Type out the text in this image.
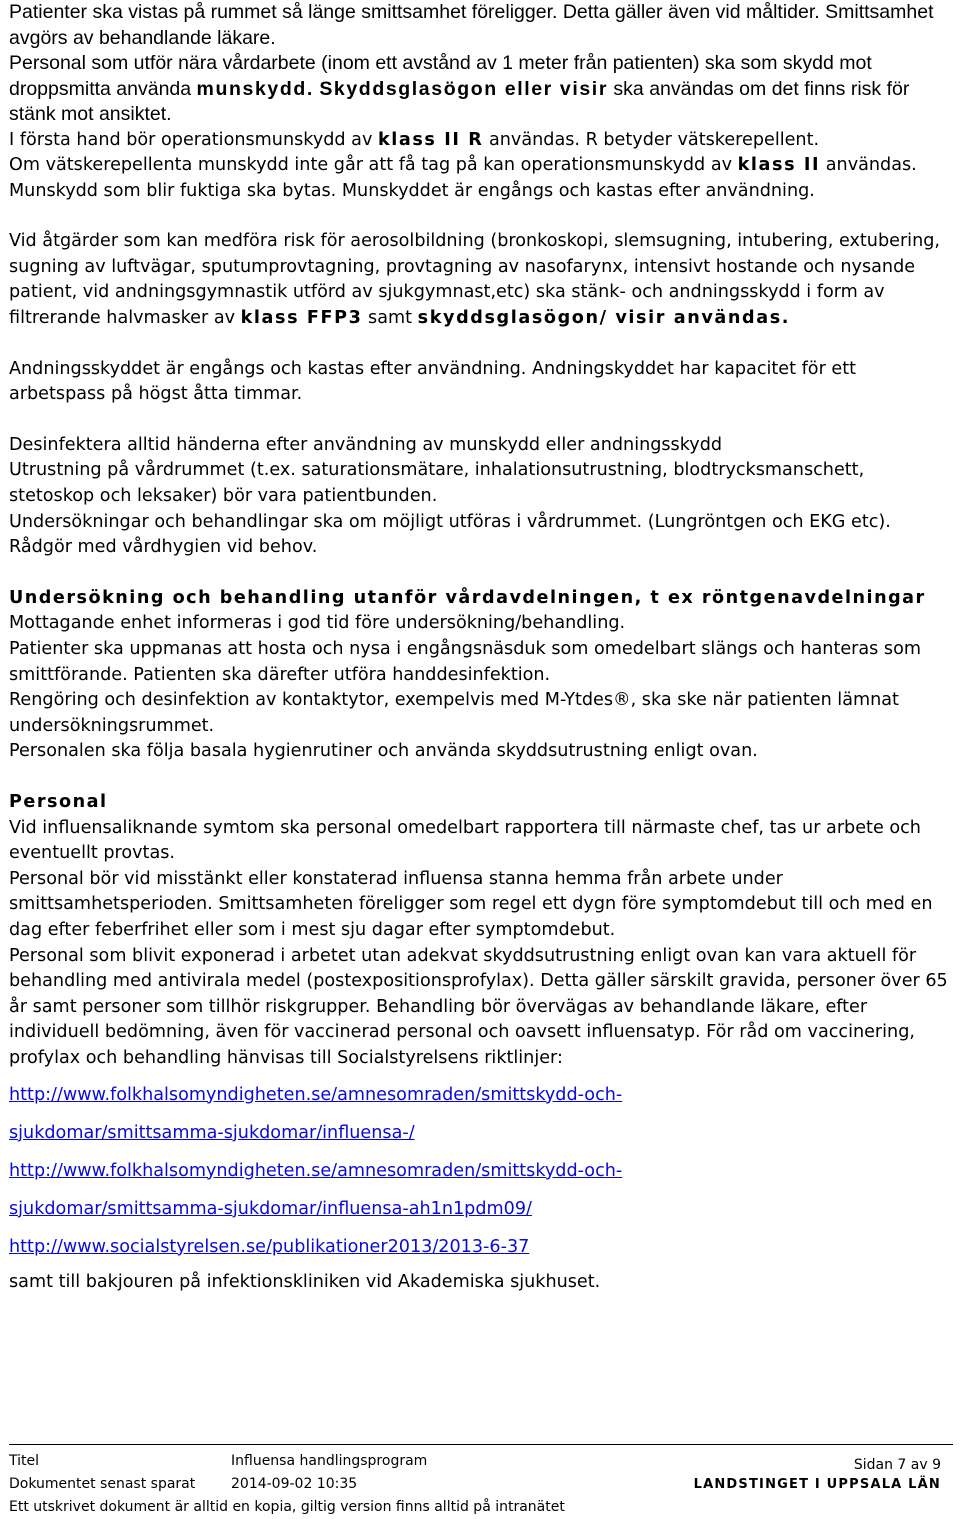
Patienter ska vistas på rummet så länge smittsamhet föreligger. Detta gäller även vid måltider. Smittsamhet avgörs av behandlande läkare.

Personal som utför nära vårdarbete (inom ett avstånd av 1 meter från patienten) ska som skydd mot droppsmitta använda munskydd. Skyddsglasögon eller visir ska användas om det finns risk för stänk mot ansiktet.

I första hand bör operationsmunskydd av klass II R användas. R betyder vätskerepellent.

Om vätskerepellenta munskydd inte går att få tag på kan operationsmunskydd av klass II användas.

Munskydd som blir fuktiga ska bytas. Munskyddet är engångs och kastas efter användning.

Vid åtgärder som kan medföra risk för aerosolbildning (bronkoskopi, slemsugning, intubering, extubering, sugning av luftvägar, sputumprovtagning, provtagning av nasofarynx, intensivt hostande och nysande patient, vid andningsgymnastik utförd av sjukgymnast,etc) ska stänk- och andningsskydd i form av filtrerande halvmasker av klass FFP3 samt skyddsglasögon/ visir användas.

Andningsskyddet är engångs och kastas efter användning. Andningskyddet har kapacitet för ett arbetspass på högst åtta timmar.

Desinfektera alltid händerna efter användning av munskydd eller andningsskydd

Utrustning på vårdrummet (t.ex. saturationsmätare, inhalationsutrustning, blodtrycksmanschett, stetoskop och leksaker) bör vara patientbunden.

Undersökningar och behandlingar ska om möjligt utföras i vårdrummet. (Lungröntgen och EKG etc).

Rådgör med vårdhygien vid behov.

Undersökning och behandling utanför vårdavdelningen, t ex röntgenavdelningar

Mottagande enhet informeras i god tid före undersökning/behandling.

Patienter ska uppmanas att hosta och nysa i engångsnäsduk som omedelbart slängs och hanteras som smittförande. Patienten ska därefter utföra handdesinfektion.

Rengöring och desinfektion av kontaktytor, exempelvis med M-Ytdes®, ska ske när patienten lämnat undersökningsrummet.

Personalen ska följa basala hygienrutiner och använda skyddsutrustning enligt ovan.

Personal

Vid influensaliknande symtom ska personal omedelbart rapportera till närmaste chef, tas ur arbete och eventuellt provtas.

Personal bör vid misstänkt eller konstaterad influensa stanna hemma från arbete under smittsamhetsperioden. Smittsamheten föreligger som regel ett dygn före symptomdebut till och med en dag efter feberfrihet eller som i mest sju dagar efter symptomdebut.

Personal som blivit exponerad i arbetet utan adekvat skyddsutrustning enligt ovan kan vara aktuell för behandling med antivirala medel (postexpositionsprofylax). Detta gäller särskilt gravida, personer över 65 år samt personer som tillhör riskgrupper. Behandling bör övervägas av behandlande läkare, efter individuell bedömning, även för vaccinerad personal och oavsett influensatyp. För råd om vaccinering, profylax och behandling hänvisas till Socialstyrelsens riktlinjer:

http://www.folkhalsomyndigheten.se/amnesomraden/smittskydd-och-
sjukdomar/smittsamma-sjukdomar/influensa-/
http://www.folkhalsomyndigheten.se/amnesomraden/smittskydd-och-
sjukdomar/smittsamma-sjukdomar/influensa-ah1n1pdm09/
http://www.socialstyrelsen.se/publikationer2013/2013-6-37

samt till bakjouren på infektionskliniken vid Akademiska sjukhuset.

Titel	Influensa handlingsprogram
Dokumentet senast sparat	2014-09-02 10:35
Sidan 7 av 9
LANDSTINGET I UPPSALA LÄN
Ett utskrivet dokument är alltid en kopia, giltig version finns alltid på intranätet
